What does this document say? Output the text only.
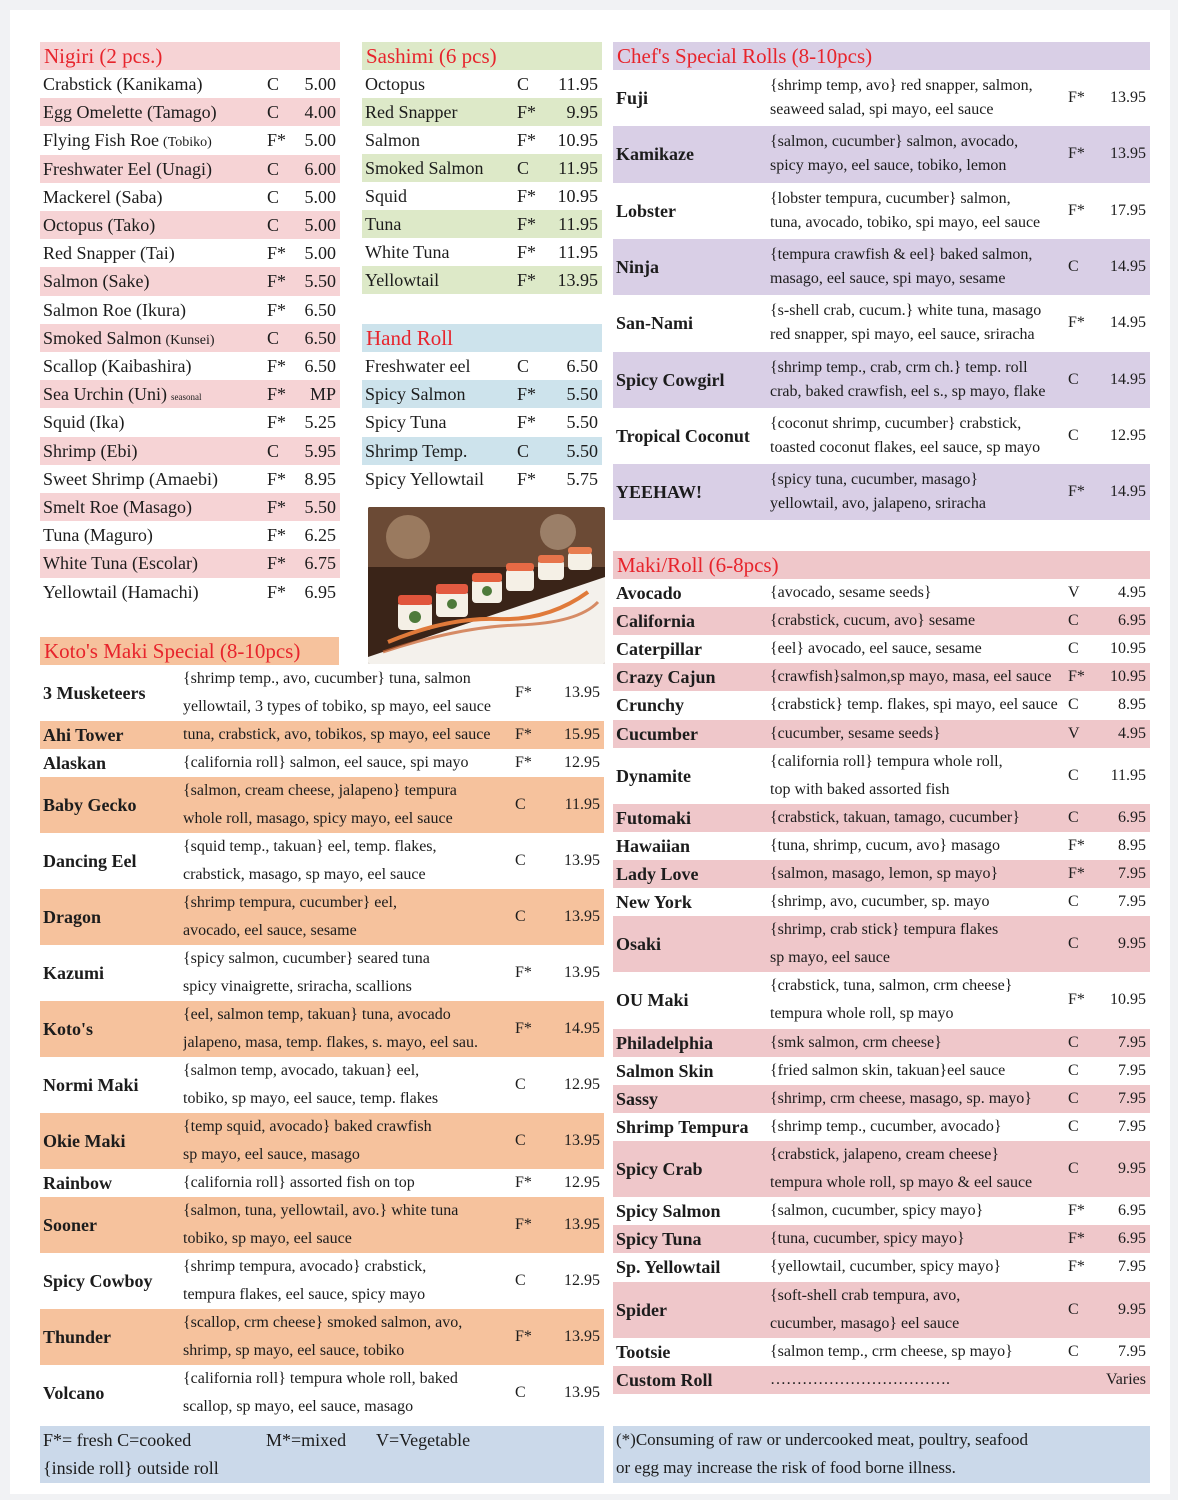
Nigiri (2 pcs.)
Crabstick (Kanikama)	C 5.00
Egg Omelette (Tamago)	C 4.00
Flying Fish Roe (Tobiko)	F* 5.00
Freshwater Eel (Unagi)	C 6.00
Mackerel (Saba)	C 5.00
Octopus (Tako)	C 5.00
Red Snapper (Tai)	F* 5.00
Salmon (Sake)	F* 5.50
Salmon Roe (Ikura)	F* 6.50
Smoked Salmon (Kunsei)	C 6.50
Scallop (Kaibashira)	F* 6.50
Sea Urchin (Uni) seasonal	F* MP
Squid (Ika)	F* 5.25
Shrimp (Ebi)	C 5.95
Sweet Shrimp (Amaebi)	F* 8.95
Smelt Roe (Masago)	F* 5.50
Tuna (Maguro)	F* 6.25
White Tuna (Escolar)	F* 6.75
Yellowtail (Hamachi)	F* 6.95
Sashimi (6 pcs)
Octopus	C 11.95
Red Snapper	F* 9.95
Salmon	F* 10.95
Smoked Salmon C 11.95
Squid	F* 10.95
Tuna	F* 11.95
White Tuna	F* 11.95
Yellowtail	F* 13.95
Hand Roll
Freshwater eel	C 6.50
Spicy Salmon	F* 5.50
Spicy Tuna	F* 5.50
Shrimp Temp.	C 5.50
Spicy Yellowtail F* 5.75
Koto's Maki Special (8-10pcs)
3 Musketeers
{shrimp temp., avo, cucumber} tuna, salmon
yellowtail, 3 types of tobiko, sp mayo, eel sauce
F* 13.95
Ahi Tower	tuna, crabstick, avo, tobikos, sp mayo, eel sauce	F* 15.95
Alaskan	{california roll} salmon, eel sauce, spi mayo	F* 12.95
Baby Gecko
{salmon, cream cheese, jalapeno} tempura
whole roll, masago, spicy mayo, eel sauce
C 11.95
Dancing Eel
{squid temp., takuan} eel, temp. flakes,
crabstick, masago, sp mayo, eel sauce
C 13.95
Dragon
{shrimp tempura, cucumber} eel,
avocado, eel sauce, sesame
C 13.95
Kazumi
{spicy salmon, cucumber} seared tuna
spicy vinaigrette, sriracha, scallions
F* 13.95
Koto's
{eel, salmon temp, takuan} tuna, avocado
jalapeno, masa, temp. flakes, s. mayo, eel sau.
F* 14.95
Normi Maki
{salmon temp, avocado, takuan} eel,
tobiko, sp mayo, eel sauce, temp. flakes
C 12.95
Okie Maki
{temp squid, avocado} baked crawfish
sp mayo, eel sauce, masago
C 13.95
Rainbow	{california roll} assorted fish on top	F* 12.95
Sooner
{salmon, tuna, yellowtail, avo.} white tuna
tobiko, sp mayo, eel sauce
F* 13.95
Spicy Cowboy
{shrimp tempura, avocado} crabstick,
tempura flakes, eel sauce, spicy mayo
C 12.95
Thunder
{scallop, crm cheese} smoked salmon, avo,
shrimp, sp mayo, eel sauce, tobiko
F* 13.95
Volcano
{california roll} tempura whole roll, baked
scallop, sp mayo, eel sauce, masago
C 13.95
Chef's Special Rolls (8-10pcs)
Fuji
{shrimp temp, avo} red snapper, salmon,
seaweed salad, spi mayo, eel sauce
F* 13.95
Kamikaze
{salmon, cucumber} salmon, avocado,
spicy mayo, eel sauce, tobiko, lemon
F* 13.95
Lobster
{lobster tempura, cucumber} salmon,
tuna, avocado, tobiko, spi mayo, eel sauce
F* 17.95
Ninja
{tempura crawfish & eel} baked salmon,
masago, eel sauce, spi mayo, sesame
C 14.95
San-Nami
{s-shell crab, cucum.} white tuna, masago
red snapper, spi mayo, eel sauce, sriracha
F* 14.95
Spicy Cowgirl
{shrimp temp., crab, crm ch.} temp. roll
crab, baked crawfish, eel s., sp mayo, flake
C 14.95
Tropical Coconut
{coconut shrimp, cucumber} crabstick,
toasted coconut flakes, eel sauce, sp mayo
C 12.95
YEEHAW!
{spicy tuna, cucumber, masago}
yellowtail, avo, jalapeno, sriracha
F* 14.95
Maki/Roll (6-8pcs)
Avocado	{avocado, sesame seeds}	V 4.95
California	{crabstick, cucum, avo} sesame	C 6.95
Caterpillar	{eel} avocado, eel sauce, sesame	C 10.95
Crazy Cajun	{crawfish}salmon,sp mayo, masa, eel sauce	F* 10.95
Crunchy	{crabstick} temp. flakes, spi mayo, eel sauce C 8.95
Cucumber	{cucumber, sesame seeds}	V 4.95
Dynamite
{california roll} tempura whole roll,
top with baked assorted fish
C 11.95
Futomaki	{crabstick, takuan, tamago, cucumber}	C 6.95
Hawaiian	{tuna, shrimp, cucum, avo} masago	F* 8.95
Lady Love	{salmon, masago, lemon, sp mayo}	F* 7.95
New York	{shrimp, avo, cucumber, sp. mayo	C 7.95
Osaki
{shrimp, crab stick} tempura flakes
sp mayo, eel sauce
C 9.95
OU Maki
{crabstick, tuna, salmon, crm cheese}
tempura whole roll, sp mayo
F* 10.95
Philadelphia	{smk salmon, crm cheese}	C 7.95
Salmon Skin	{fried salmon skin, takuan}eel sauce	C 7.95
Sassy	{shrimp, crm cheese, masago, sp. mayo}	C 7.95
Shrimp Tempura	{shrimp temp., cucumber, avocado}	C 7.95
Spicy Crab
{crabstick, jalapeno, cream cheese}
tempura whole roll, sp mayo & eel sauce
C 9.95
Spicy Salmon	{salmon, cucumber, spicy mayo}	F* 6.95
Spicy Tuna	{tuna, cucumber, spicy mayo}	F* 6.95
Sp. Yellowtail	{yellowtail, cucumber, spicy mayo}	F* 7.95
Spider
{soft-shell crab tempura, avo,
cucumber, masago} eel sauce
C 9.95
Tootsie	{salmon temp., crm cheese, sp mayo}	C 7.95
Custom Roll	…………………………….	Varies
F*= fresh C=cooked	M*=mixed V=Vegetable
{inside roll} outside roll
(*)Consuming of raw or undercooked meat, poultry, seafood
or egg may increase the risk of food borne illness.
